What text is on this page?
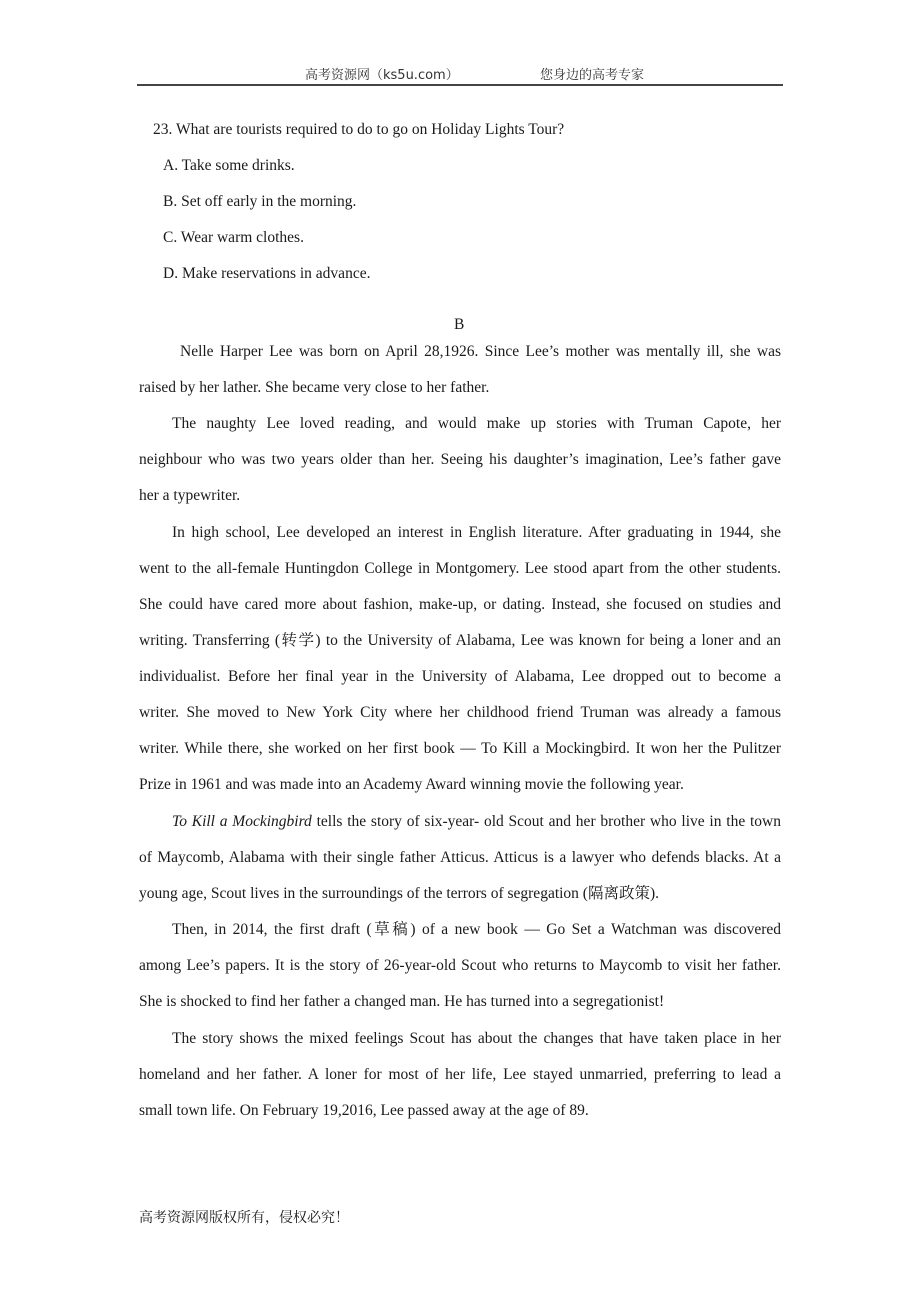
高考资源网（ks5u.com）	您身边的高考专家
23. What are tourists required to do to go on Holiday Lights Tour?
A. Take some drinks.
B. Set off early in the morning.
C. Wear warm clothes.
D. Make reservations in advance.
B
Nelle Harper Lee was born on April 28,1926. Since Lee’s mother was mentally ill, she was
raised by her lather. She became very close to her father.
The naughty Lee loved reading, and would make up stories with Truman Capote, her
neighbour who was two years older than her. Seeing his daughter’s imagination, Lee’s father gave
her a typewriter.
In high school, Lee developed an interest in English literature. After graduating in 1944, she
went to the all-female Huntingdon College in Montgomery. Lee stood apart from the other students.
She could have cared more about fashion, make-up, or dating. Instead, she focused on studies and
writing. Transferring (转学) to the University of Alabama, Lee was known for being a loner and an
individualist. Before her final year in the University of Alabama, Lee dropped out to become a
writer. She moved to New York City where her childhood friend Truman was already a famous
writer. While there, she worked on her first book — To Kill a Mockingbird. It won her the Pulitzer
Prize in 1961 and was made into an Academy Award winning movie the following year.
To Kill a Mockingbird tells the story of six-year- old Scout and her brother who live in the town
of Maycomb, Alabama with their single father Atticus. Atticus is a lawyer who defends blacks. At a
young age, Scout lives in the surroundings of the terrors of segregation (隔离政策).
Then, in 2014, the first draft (草稿) of a new book — Go Set a Watchman was discovered
among Lee’s papers. It is the story of 26-year-old Scout who returns to Maycomb to visit her father.
She is shocked to find her father a changed man. He has turned into a segregationist!
The story shows the mixed feelings Scout has about the changes that have taken place in her
homeland and her father. A loner for most of her life, Lee stayed unmarried, preferring to lead a
small town life. On February 19,2016, Lee passed away at the age of 89.
高考资源网版权所有，侵权必究！
